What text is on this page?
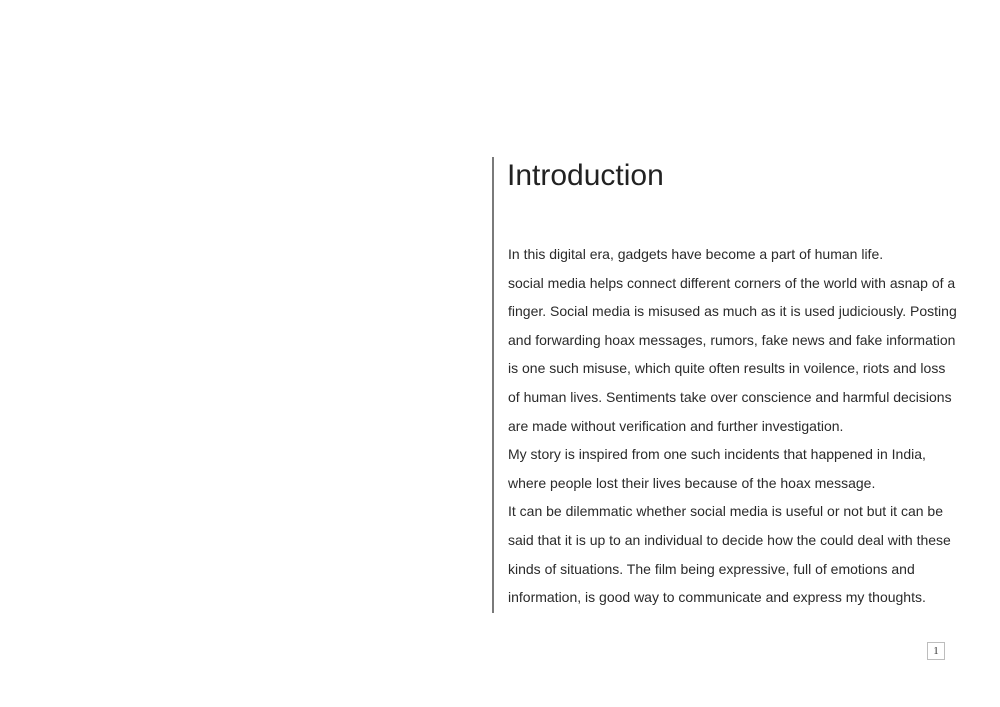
Introduction

In this digital era, gadgets have become a part of human life.

social media helps connect different corners of the world with asnap of a finger. Social media is misused as much as it is used judiciously. Posting and forwarding hoax messages, rumors, fake news and fake information is one such misuse, which quite often results in voilence, riots and loss of human lives. Sentiments take over conscience and harmful decisions are made without verification and further investigation.

My story is inspired from one such incidents that happened in India, where people lost their lives because of the hoax message.

It can be dilemmatic whether social media is useful or not but it can be said that it is up to an individual to decide how the could deal with these kinds of situations. The film being expressive, full of emotions and information, is good way to communicate and express my thoughts.

1
